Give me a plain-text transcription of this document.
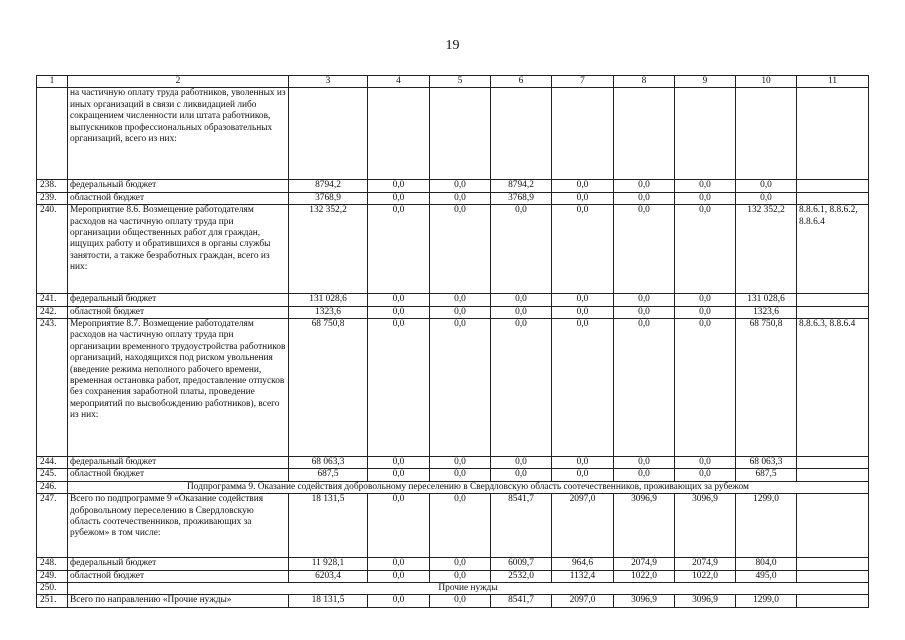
19
1	2	3	4	5	6	7	8	9	10	11
	на частичную оплату труда работников, уволенных из иных организаций в связи с ликвидацией либо сокращением численности или штата работников, выпускников профессиональных образовательных организаций, всего из них:									
238.	федеральный бюджет	8794,2	0,0	0,0	8794,2	0,0	0,0	0,0	0,0	
239.	областной бюджет	3768,9	0,0	0,0	3768,9	0,0	0,0	0,0	0,0	
240.	Мероприятие 8.6. Возмещение работодателям расходов на частичную оплату труда при организации общественных работ для граждан, ищущих работу и обратившихся в органы службы занятости, а также безработных граждан, всего из них:	132 352,2	0,0	0,0	0,0	0,0	0,0	0,0	132 352,2	8.8.6.1, 8.8.6.2, 8.8.6.4
241.	федеральный бюджет	131 028,6	0,0	0,0	0,0	0,0	0,0	0,0	131 028,6	
242.	областной бюджет	1323,6	0,0	0,0	0,0	0,0	0,0	0,0	1323,6	
243.	Мероприятие 8.7. Возмещение работодателям расходов на частичную оплату труда при организации временного трудоустройства работников организаций, находящихся под риском увольнения (введение режима неполного рабочего времени, временная остановка работ, предоставление отпусков без сохранения заработной платы, проведение мероприятий по высвобождению работников), всего из них:	68 750,8	0,0	0,0	0,0	0,0	0,0	0,0	68 750,8	8.8.6.3, 8.8.6.4
244.	федеральный бюджет	68 063,3	0,0	0,0	0,0	0,0	0,0	0,0	68 063,3	
245.	областной бюджет	687,5	0,0	0,0	0,0	0,0	0,0	0,0	687,5	
246.	Подпрограмма 9. Оказание содействия добровольному переселению в Свердловскую область соотечественников, проживающих за рубежом									
247.	Всего по подпрограмме 9 «Оказание содействия добровольному переселению в Свердловскую область соотечественников, проживающих за рубежом» в том числе:	18 131,5	0,0	0,0	8541,7	2097,0	3096,9	3096,9	1299,0	
248.	федеральный бюджет	11 928,1	0,0	0,0	6009,7	964,6	2074,9	2074,9	804,0	
249.	областной бюджет	6203,4	0,0	0,0	2532,0	1132,4	1022,0	1022,0	495,0	
250.	Прочие нужды									
251.	Всего по направлению «Прочие нужды»	18 131,5	0,0	0,0	8541,7	2097,0	3096,9	3096,9	1299,0	
